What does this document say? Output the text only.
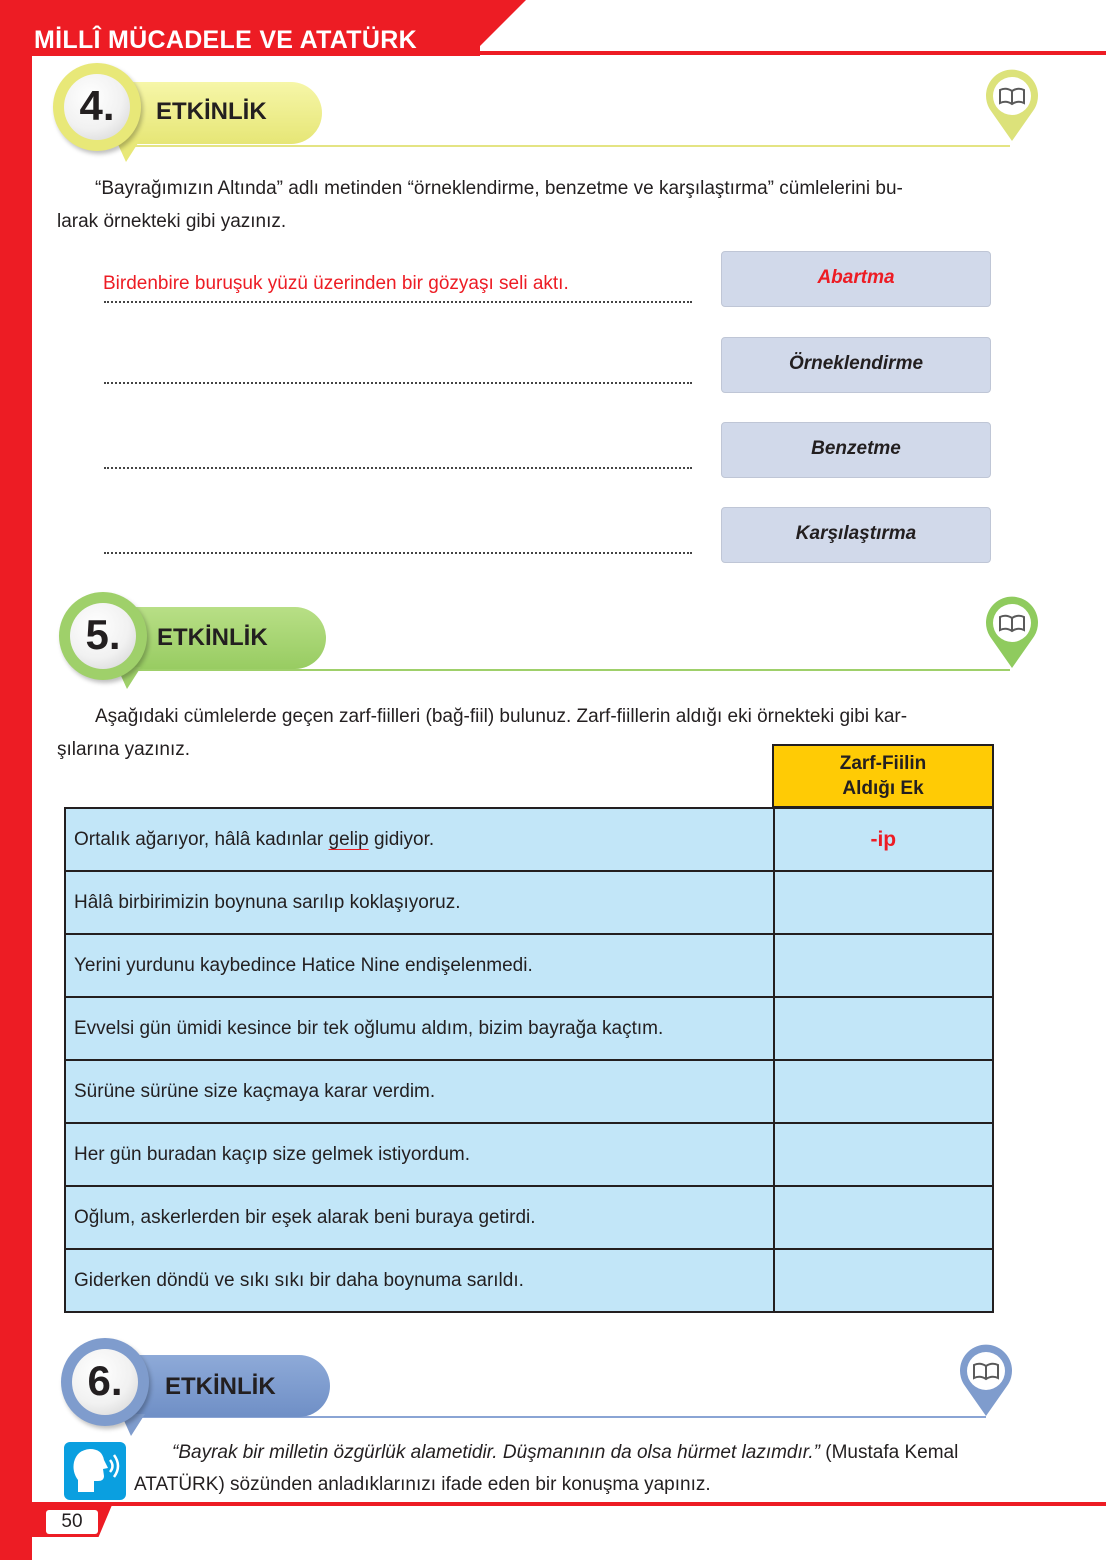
MİLLÎ MÜCADELE VE ATATÜRK
ETKİNLİK
4.
“Bayrağımızın Altında” adlı metinden “örneklendirme, benzetme ve karşılaştırma” cümlelerini bu-
larak örnekteki gibi yazınız.
Birdenbire buruşuk yüzü üzerinden bir gözyaşı seli aktı.	Abartma
Örneklendirme
Benzetme
Karşılaştırma
ETKİNLİK
5.
Aşağıdaki cümlelerde geçen zarf-fiilleri (bağ-fiil) bulunuz. Zarf-fiillerin aldığı eki örnekteki gibi kar-
şılarına yazınız.
Zarf-Fiilin
Aldığı Ek
Ortalık ağarıyor, hâlâ kadınlar gelip gidiyor.	-ip
Hâlâ birbirimizin boynuna sarılıp koklaşıyoruz.	
Yerini yurdunu kaybedince Hatice Nine endişelenmedi.	
Evvelsi gün ümidi kesince bir tek oğlumu aldım, bizim bayrağa kaçtım.	
Sürüne sürüne size kaçmaya karar verdim.	
Her gün buradan kaçıp size gelmek istiyordum.	
Oğlum, askerlerden bir eşek alarak beni buraya getirdi.	
Giderken döndü ve sıkı sıkı bir daha boynuma sarıldı.	
ETKİNLİK
6.
“Bayrak bir milletin özgürlük alametidir. Düşmanının da olsa hürmet lazımdır.” (Mustafa Kemal ATATÜRK) sözünden anladıklarınızı ifade eden bir konuşma yapınız.
50
